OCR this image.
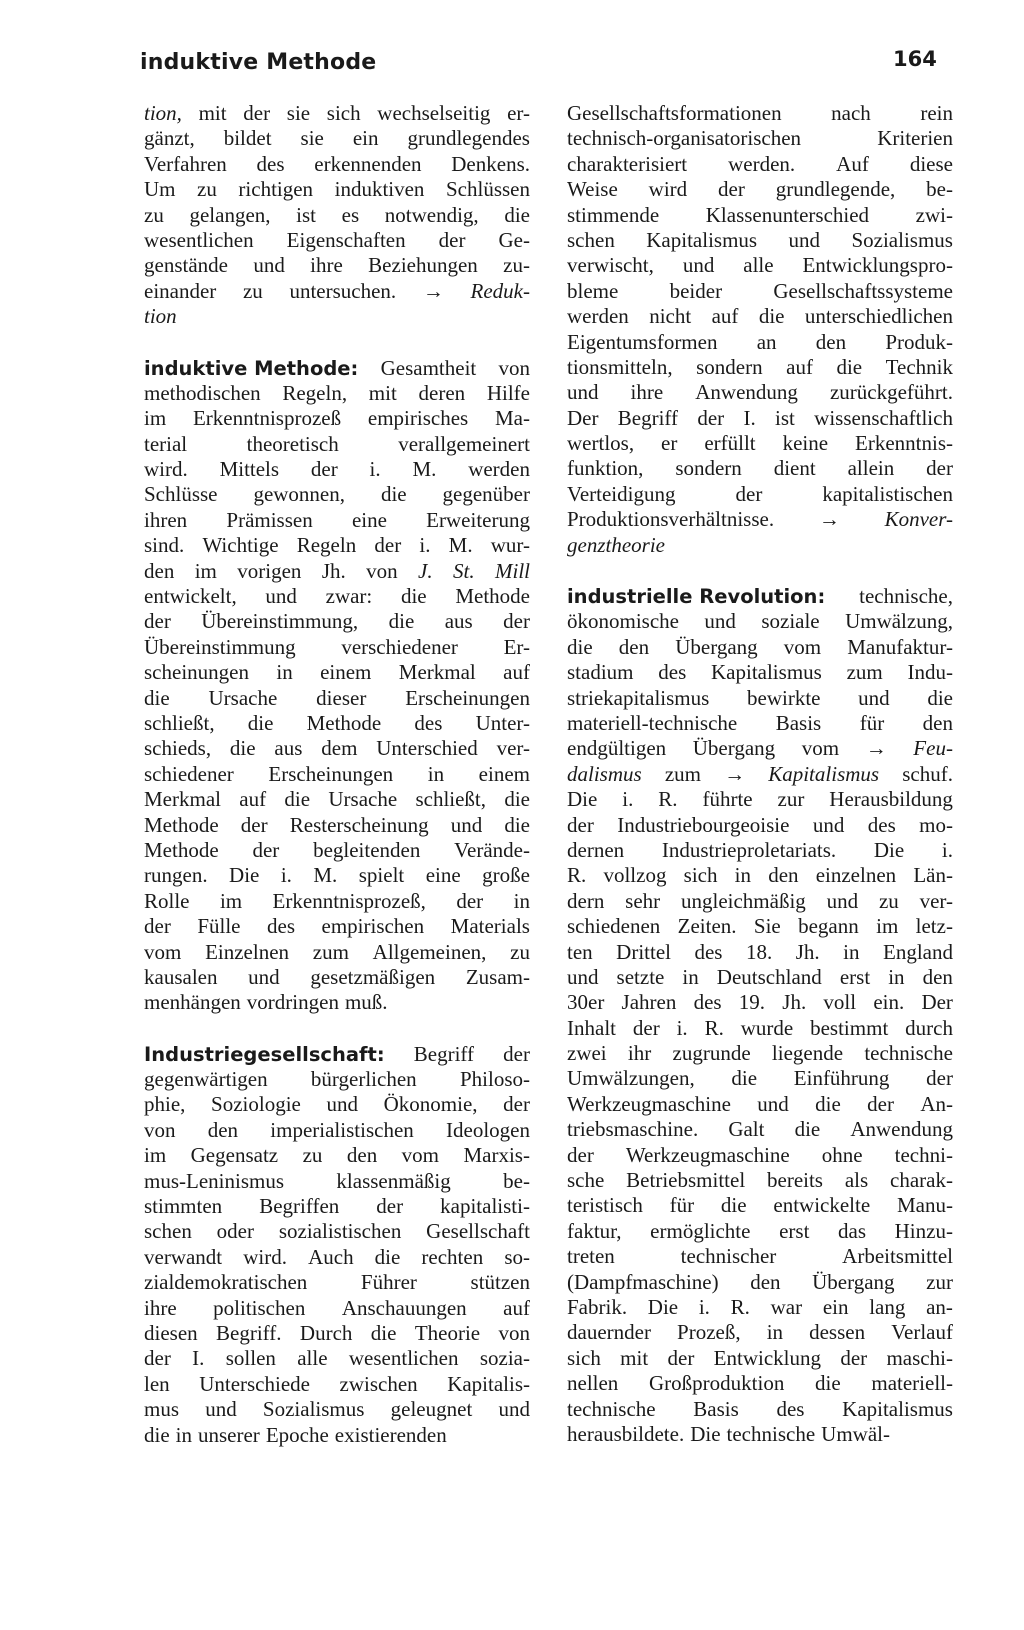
induktive Methode	164
tion, mit der sie sich wechselseitig er-
gänzt, bildet sie ein grundlegendes
Verfahren des erkennenden Denkens.
Um zu richtigen induktiven Schlüssen
zu gelangen, ist es notwendig, die
wesentlichen Eigenschaften der Ge-
genstände und ihre Beziehungen zu-
einander zu untersuchen. → Reduk-
tion
induktive Methode: Gesamtheit von
methodischen Regeln, mit deren Hilfe
im Erkenntnisprozeß empirisches Ma-
terial	theoretisch	verallgemeinert
wird. Mittels der i. M. werden
Schlüsse gewonnen, die gegenüber
ihren Prämissen eine Erweiterung
sind. Wichtige Regeln der i. M. wur-
den im vorigen Jh. von J. St. Mill
entwickelt, und zwar: die Methode
der Übereinstimmung, die aus der
Übereinstimmung verschiedener Er-
scheinungen in einem Merkmal auf
die Ursache dieser Erscheinungen
schließt, die Methode des Unter-
schieds, die aus dem Unterschied ver-
schiedener Erscheinungen in einem
Merkmal auf die Ursache schließt, die
Methode der Resterscheinung und die
Methode der begleitenden Verände-
rungen. Die i. M. spielt eine große
Rolle im Erkenntnisprozeß, der in
der Fülle des empirischen Materials
vom Einzelnen zum Allgemeinen, zu
kausalen und gesetzmäßigen Zusam-
menhängen vordringen muß.
Industriegesellschaft: Begriff der
gegenwärtigen bürgerlichen Philoso-
phie, Soziologie und Ökonomie, der
von den imperialistischen Ideologen
im Gegensatz zu den vom Marxis-
mus-Leninismus klassenmäßig be-
stimmten Begriffen der kapitalisti-
schen oder sozialistischen Gesellschaft
verwandt wird. Auch die rechten so-
zialdemokratischen	Führer	stützen
ihre politischen Anschauungen auf
diesen Begriff. Durch die Theorie von
der I. sollen alle wesentlichen sozia-
len Unterschiede zwischen Kapitalis-
mus und Sozialismus geleugnet und
die in unserer Epoche existierenden
Gesellschaftsformationen nach rein
technisch-organisatorischen	Kriterien
charakterisiert werden. Auf diese
Weise wird der grundlegende, be-
stimmende Klassenunterschied zwi-
schen Kapitalismus und Sozialismus
verwischt, und alle Entwicklungspro-
bleme beider Gesellschaftssysteme
werden nicht auf die unterschiedlichen
Eigentumsformen an den Produk-
tionsmitteln, sondern auf die Technik
und ihre Anwendung zurückgeführt.
Der Begriff der I. ist wissenschaftlich
wertlos, er erfüllt keine Erkenntnis-
funktion, sondern dient allein der
Verteidigung	der	kapitalistischen
Produktionsverhältnisse. → Konver-
genztheorie
industrielle Revolution: technische,
ökonomische und soziale Umwälzung,
die den Übergang vom Manufaktur-
stadium des Kapitalismus zum Indu-
striekapitalismus bewirkte und die
materiell-technische Basis für den
endgültigen Übergang vom → Feu-
dalismus zum → Kapitalismus schuf.
Die i. R. führte zur Herausbildung
der Industriebourgeoisie und des mo-
dernen Industrieproletariats. Die i.
R. vollzog sich in den einzelnen Län-
dern sehr ungleichmäßig und zu ver-
schiedenen Zeiten. Sie begann im letz-
ten Drittel des 18. Jh. in England
und setzte in Deutschland erst in den
30er Jahren des 19. Jh. voll ein. Der
Inhalt der i. R. wurde bestimmt durch
zwei ihr zugrunde liegende technische
Umwälzungen, die Einführung der
Werkzeugmaschine und die der An-
triebsmaschine. Galt die Anwendung
der Werkzeugmaschine ohne techni-
sche Betriebsmittel bereits als charak-
teristisch für die entwickelte Manu-
faktur, ermöglichte erst das Hinzu-
treten	technischer	Arbeitsmittel
(Dampfmaschine) den Übergang zur
Fabrik. Die i. R. war ein lang an-
dauernder Prozeß, in dessen Verlauf
sich mit der Entwicklung der maschi-
nellen Großproduktion die materiell-
technische Basis des Kapitalismus
herausbildete. Die technische Umwäl-
